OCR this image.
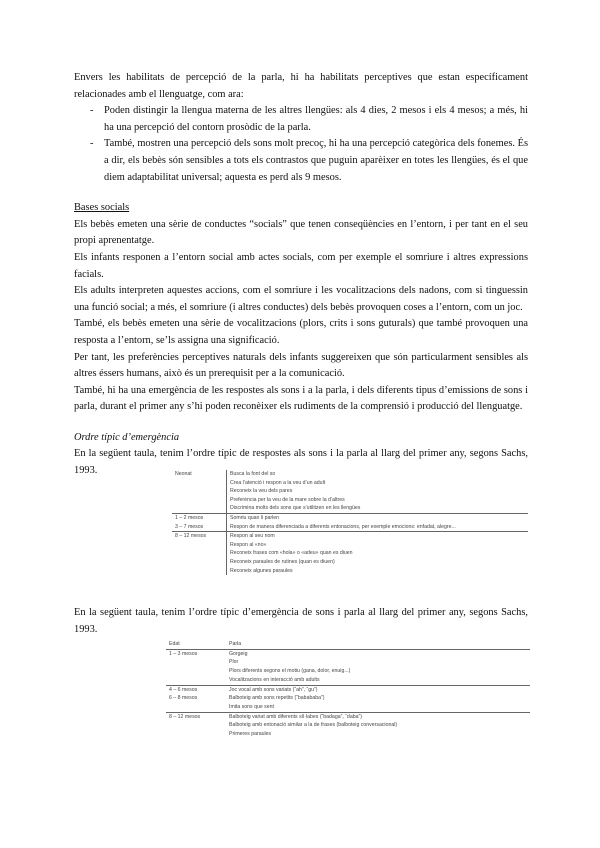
Envers les habilitats de percepció de la parla, hi ha habilitats perceptives que estan específicament relacionades amb el llenguatge, com ara:

- Poden distingir la llengua materna de les altres llengües: als 4 dies, 2 mesos i els 4 mesos; a més, hi ha una percepció del contorn prosòdic de la parla.
- També, mostren una percepció dels sons molt precoç, hi ha una percepció categòrica dels fonemes. És a dir, els bebès són sensibles a tots els contrastos que puguin aparèixer en totes les llengües, és el que diem adaptabilitat universal; aquesta es perd als 9 mesos.

Bases socials

Els bebès emeten una sèrie de conductes “socials” que tenen conseqüències en l’entorn, i per tant en el seu propi aprenentatge.

Els infants responen a l’entorn social amb actes socials, com per exemple el somriure i altres expressions facials.

Els adults interpreten aquestes accions, com el somriure i les vocalitzacions dels nadons, com si tinguessin una funció social; a més, el somriure (i altres conductes) dels bebès provoquen coses a l’entorn, com un joc.

També, els bebès emeten una sèrie de vocalitzacions (plors, crits i sons guturals) que també provoquen una resposta a l’entorn, se’ls assigna una significació.

Per tant, les preferències perceptives naturals dels infants suggereixen que són particularment sensibles als altres éssers humans, això és un prerequisit per a la comunicació.

També, hi ha una emergència de les respostes als sons i a la parla, i dels diferents tipus d’emissions de sons i parla, durant el primer any s’hi poden reconèixer els rudiments de la comprensió i producció del llenguatge.

Ordre típic d’emergència

En la següent taula, tenim l’ordre típic de respostes als sons i la parla al llarg del primer any, segons Sachs, 1993.	Neonat	Busca la font del so
Crea l’atenció i respon a la veu d’un adult
Reconeix la veu dels pares
Preferència per la veu de la mare sobre la d’altres
Discrimina molts dels sons que s’utilitzen en les llengües

1 – 2 mesos	Somriu quan li parlen

3 – 7 mesos	Respon de manera diferenciada a diferents entonacions, per exemple emocions: enfadat, alegre...

8 – 12 mesos	Respon al seu nom
Respon al «no»
Reconeix frases com «hola» o «adeu» quan es diuen
Reconeix paraules de rutines (quan es diuen)
Reconeix algunes paraules

En la següent taula, tenim l’ordre típic d’emergència de sons i parla al llarg del primer any, segons Sachs, 1993.

Edat	Parla
1 – 3 mesos	Gorgeig
Plor
Plors diferents segons el motiu (gana, dolor, enuig...)
Vocalitzacions en interacció amb adults

4 – 6 mesos	Joc vocal amb sons variats (“ah”, “gu”)

6 – 8 mesos	Balboteig amb sons repetits (“babababa”)
Imita sons que sent

8 – 12 mesos	Balboteig variat amb diferents síl·labes (“badaga”, “daba”)
Balboteig amb entonació similar a la de frases (balboteig conversacional)
Primeres paraules
